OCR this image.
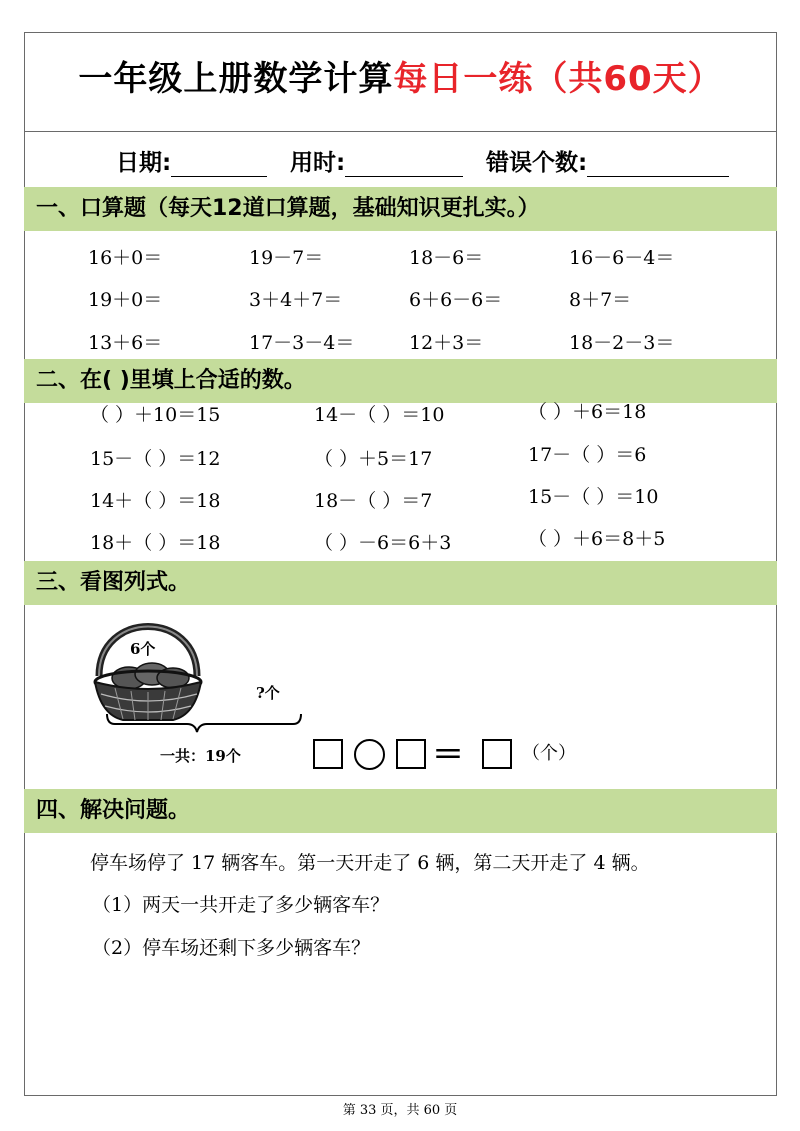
一年级上册数学计算每日一练（共60天）
日期:	用时:	错误个数:
一、口算题（每天12道口算题，基础知识更扎实。）
16＋0＝	19－7＝	18－6＝	16－6－4＝
19＋0＝	3＋4＋7＝	6＋6－6＝	8＋7＝
13＋6＝	17－3－4＝	12＋3＝	18－2－3＝
二、在( )里填上合适的数。
（ ）＋10＝15	14－（ ）＝10	（ ）＋6＝18
15－（ ）＝12	（ ）＋5＝17	17－（ ）＝6
14＋（ ）＝18	18－（ ）＝7	15－（ ）＝10
18＋（ ）＝18	（ ）－6＝6＋3	（ ）＋6＝8＋5
三、看图列式。
6个
?个
一共：19个	＝	（个）
四、解决问题。
停车场停了 17 辆客车。第一天开走了 6 辆，第二天开走了 4 辆。
（1）两天一共开走了多少辆客车？
（2）停车场还剩下多少辆客车？
第 33 页，共 60 页
